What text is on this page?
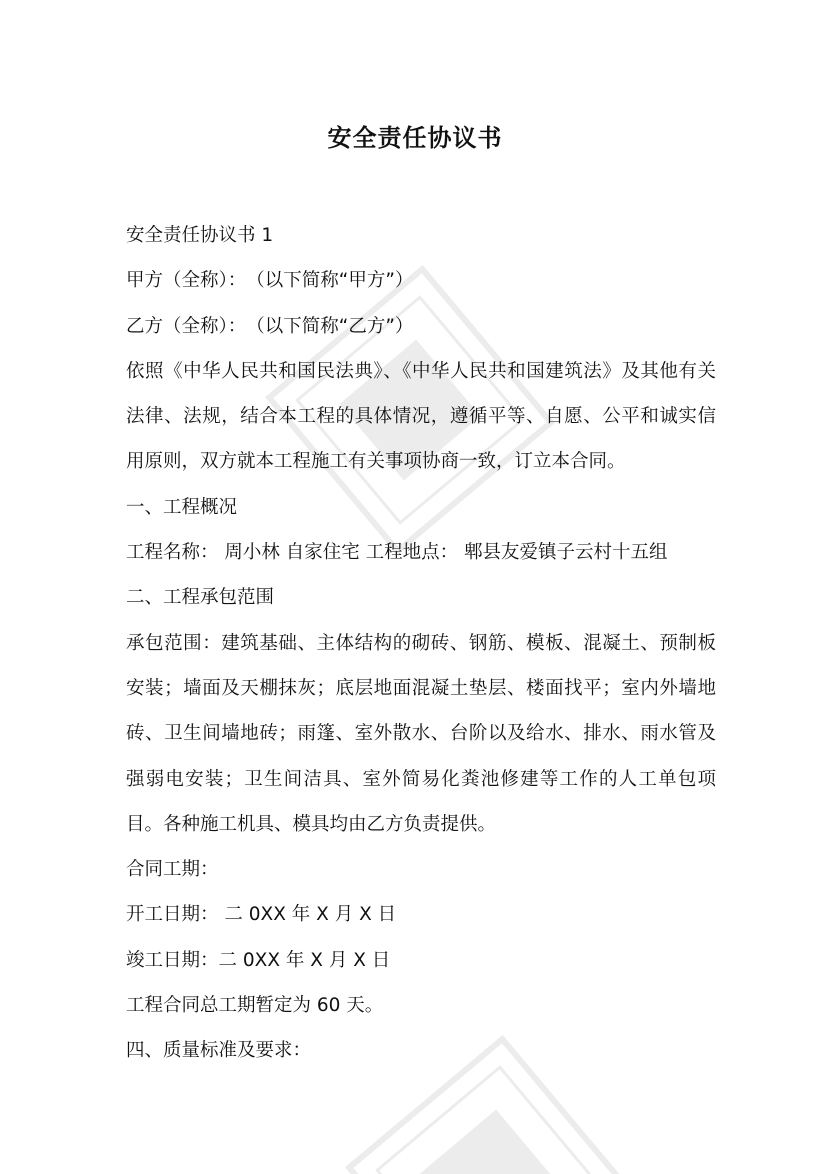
安全责任协议书

安全责任协议书 1

甲方（全称）：　（以下简称“甲方”）

乙方（全称）：　（以下简称“乙方”）

依照《中华人民共和国民法典》、《中华人民共和国建筑法》及其他有关法律、法规，结合本工程的具体情况，遵循平等、自愿、公平和诚实信用原则，双方就本工程施工有关事项协商一致，订立本合同。

一、工程概况

工程名称： 周小林 自家住宅 工程地点： 郫县友爱镇子云村十五组

二、工程承包范围

承包范围：建筑基础、主体结构的砌砖、钢筋、模板、混凝土、预制板安装；墙面及天棚抹灰；底层地面混凝土垫层、楼面找平；室内外墙地砖、卫生间墙地砖；雨篷、室外散水、台阶以及给水、排水、雨水管及强弱电安装；卫生间洁具、室外简易化粪池修建等工作的人工单包项目。各种施工机具、模具均由乙方负责提供。

合同工期：

开工日期： 二 0XX 年 X 月 X 日

竣工日期：二 0XX 年 X 月 X 日

工程合同总工期暂定为 60 天。

四、质量标准及要求：
